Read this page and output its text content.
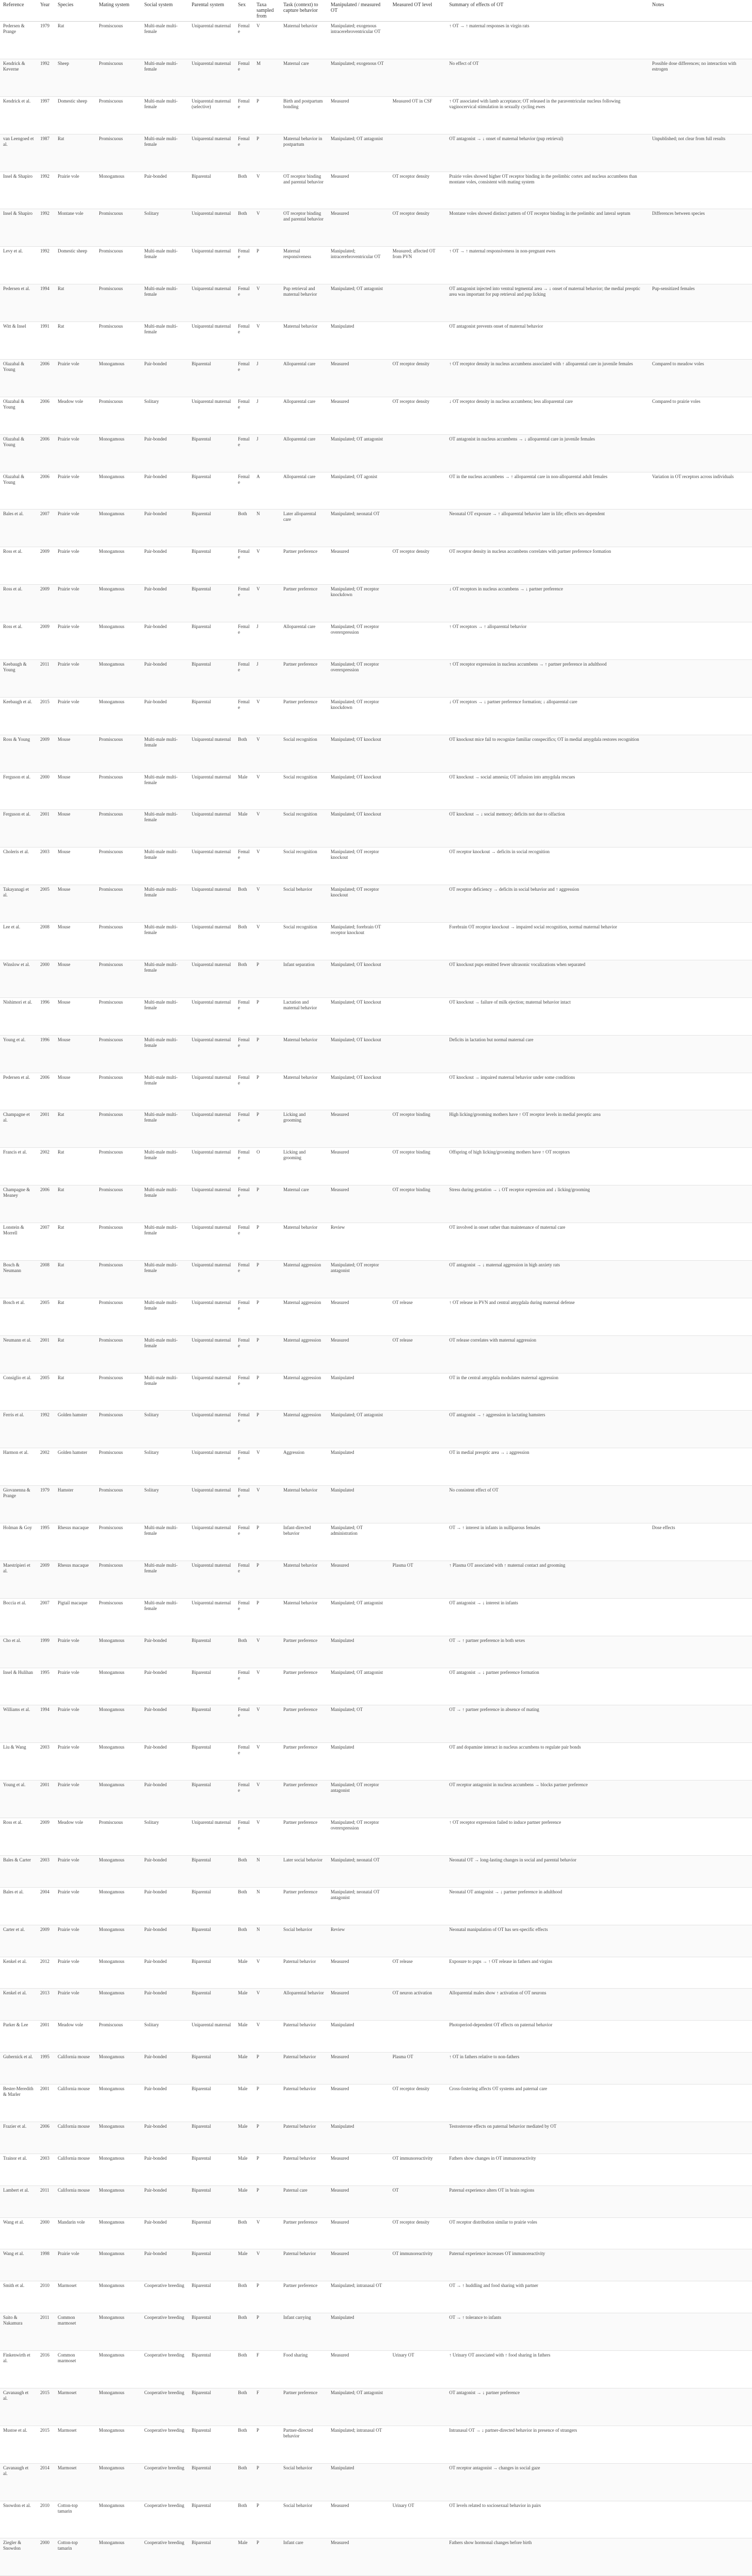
Reference	Year	Species	Mating system	Social system	Parental system	Sex	Taxa sampled from	Task (context) to capture behavior	Manipulated / measured OT	Measured OT level	Summary of effects of OT	Notes
Pedersen & Prange	1979	Rat	Promiscuous	Multi-male multi-female	Uniparental maternal	Female	V	Maternal behavior	Manipulated; exogenous intracerebroventricular OT		↑ OT → ↑ maternal responses in virgin rats	
Kendrick & Keverne	1992	Sheep	Promiscuous	Multi-male multi-female	Uniparental maternal	Female	M	Maternal care	Manipulated; exogenous OT		No effect of OT	Possible dose differences; no interaction with estrogen
Kendrick et al.	1997	Domestic sheep	Promiscuous	Multi-male multi-female	Uniparental maternal (selective)	Female	P	Birth and postpartum bonding	Measured	Measured OT in CSF	↑ OT associated with lamb acceptance; OT released in the paraventricular nucleus following vaginocervical stimulation in sexually cycling ewes	
van Leengoed et al.	1987	Rat	Promiscuous	Multi-male multi-female	Uniparental maternal	Female	P	Maternal behavior in postpartum	Manipulated; OT antagonist		OT antagonist → ↓ onset of maternal behavior (pup retrieval)	Unpublished; not clear from full results
Insel & Shapiro	1992	Prairie vole	Monogamous	Pair-bonded	Biparental	Both	V	OT receptor binding and parental behavior	Measured	OT receptor density	Prairie voles showed higher OT receptor binding in the prelimbic cortex and nucleus accumbens than montane voles, consistent with mating system	
Insel & Shapiro	1992	Montane vole	Promiscuous	Solitary	Uniparental maternal	Both	V	OT receptor binding and parental behavior	Measured	OT receptor density	Montane voles showed distinct pattern of OT receptor binding in the prelimbic and lateral septum	Differences between species
Levy et al.	1992	Domestic sheep	Promiscuous	Multi-male multi-female	Uniparental maternal	Female	P	Maternal responsiveness	Manipulated; intracerebroventricular OT	Measured; affected OT from PVN	↑ OT → ↑ maternal responsiveness in non-pregnant ewes	
Pedersen et al.	1994	Rat	Promiscuous	Multi-male multi-female	Uniparental maternal	Female	V	Pup retrieval and maternal behavior	Manipulated; OT antagonist		OT antagonist injected into ventral tegmental area → ↓ onset of maternal behavior; the medial preoptic area was important for pup retrieval and pup licking	Pup-sensitized females
Witt & Insel	1991	Rat	Promiscuous	Multi-male multi-female	Uniparental maternal	Female	V	Maternal behavior	Manipulated		OT antagonist prevents onset of maternal behavior	
Olazabal & Young	2006	Prairie vole	Monogamous	Pair-bonded	Biparental	Female	J	Alloparental care	Measured	OT receptor density	↑ OT receptor density in nucleus accumbens associated with ↑ alloparental care in juvenile females	Compared to meadow voles
Olazabal & Young	2006	Meadow vole	Promiscuous	Solitary	Uniparental maternal	Female	J	Alloparental care	Measured	OT receptor density	↓ OT receptor density in nucleus accumbens; less alloparental care	Compared to prairie voles
Olazabal & Young	2006	Prairie vole	Monogamous	Pair-bonded	Biparental	Female	J	Alloparental care	Manipulated; OT antagonist		OT antagonist in nucleus accumbens → ↓ alloparental care in juvenile females	
Olazabal & Young	2006	Prairie vole	Monogamous	Pair-bonded	Biparental	Female	A	Alloparental care	Manipulated; OT agonist		OT in the nucleus accumbens → ↑ alloparental care in non-alloparental adult females	Variation in OT receptors across individuals
Bales et al.	2007	Prairie vole	Monogamous	Pair-bonded	Biparental	Both	N	Later alloparental care	Manipulated; neonatal OT		Neonatal OT exposure → ↑ alloparental behavior later in life; effects sex-dependent	
Ross et al.	2009	Prairie vole	Monogamous	Pair-bonded	Biparental	Female	V	Partner preference	Measured	OT receptor density	OT receptor density in nucleus accumbens correlates with partner preference formation	
Ross et al.	2009	Prairie vole	Monogamous	Pair-bonded	Biparental	Female	V	Partner preference	Manipulated; OT receptor knockdown		↓ OT receptors in nucleus accumbens → ↓ partner preference	
Ross et al.	2009	Prairie vole	Monogamous	Pair-bonded	Biparental	Female	J	Alloparental care	Manipulated; OT receptor overexpression		↑ OT receptors → ↑ alloparental behavior	
Keebaugh & Young	2011	Prairie vole	Monogamous	Pair-bonded	Biparental	Female	J	Partner preference	Manipulated; OT receptor overexpression		↑ OT receptor expression in nucleus accumbens → ↑ partner preference in adulthood	
Keebaugh et al.	2015	Prairie vole	Monogamous	Pair-bonded	Biparental	Female	V	Partner preference	Manipulated; OT receptor knockdown		↓ OT receptors → ↓ partner preference formation; ↓ alloparental care	
Ross & Young	2009	Mouse	Promiscuous	Multi-male multi-female	Uniparental maternal	Both	V	Social recognition	Manipulated; OT knockout		OT knockout mice fail to recognize familiar conspecifics; OT in medial amygdala restores recognition	
Ferguson et al.	2000	Mouse	Promiscuous	Multi-male multi-female	Uniparental maternal	Male	V	Social recognition	Manipulated; OT knockout		OT knockout → social amnesia; OT infusion into amygdala rescues	
Ferguson et al.	2001	Mouse	Promiscuous	Multi-male multi-female	Uniparental maternal	Male	V	Social recognition	Manipulated; OT knockout		OT knockout → ↓ social memory; deficits not due to olfaction	
Choleris et al.	2003	Mouse	Promiscuous	Multi-male multi-female	Uniparental maternal	Female	V	Social recognition	Manipulated; OT receptor knockout		OT receptor knockout → deficits in social recognition	
Takayanagi et al.	2005	Mouse	Promiscuous	Multi-male multi-female	Uniparental maternal	Both	V	Social behavior	Manipulated; OT receptor knockout		OT receptor deficiency → deficits in social behavior and ↑ aggression	
Lee et al.	2008	Mouse	Promiscuous	Multi-male multi-female	Uniparental maternal	Both	V	Social recognition	Manipulated; forebrain OT receptor knockout		Forebrain OT receptor knockout → impaired social recognition, normal maternal behavior	
Winslow et al.	2000	Mouse	Promiscuous	Multi-male multi-female	Uniparental maternal	Both	P	Infant separation	Manipulated; OT knockout		OT knockout pups emitted fewer ultrasonic vocalizations when separated	
Nishimori et al.	1996	Mouse	Promiscuous	Multi-male multi-female	Uniparental maternal	Female	P	Lactation and maternal behavior	Manipulated; OT knockout		OT knockout → failure of milk ejection; maternal behavior intact	
Young et al.	1996	Mouse	Promiscuous	Multi-male multi-female	Uniparental maternal	Female	P	Maternal behavior	Manipulated; OT knockout		Deficits in lactation but normal maternal care	
Pedersen et al.	2006	Mouse	Promiscuous	Multi-male multi-female	Uniparental maternal	Female	P	Maternal behavior	Manipulated; OT knockout		OT knockout → impaired maternal behavior under some conditions	
Champagne et al.	2001	Rat	Promiscuous	Multi-male multi-female	Uniparental maternal	Female	P	Licking and grooming	Measured	OT receptor binding	High licking/grooming mothers have ↑ OT receptor levels in medial preoptic area	
Francis et al.	2002	Rat	Promiscuous	Multi-male multi-female	Uniparental maternal	Female	O	Licking and grooming	Measured	OT receptor binding	Offspring of high licking/grooming mothers have ↑ OT receptors	
Champagne & Meaney	2006	Rat	Promiscuous	Multi-male multi-female	Uniparental maternal	Female	P	Maternal care	Measured	OT receptor binding	Stress during gestation → ↓ OT receptor expression and ↓ licking/grooming	
Lonstein & Morrell	2007	Rat	Promiscuous	Multi-male multi-female	Uniparental maternal	Female	P	Maternal behavior	Review		OT involved in onset rather than maintenance of maternal care	
Bosch & Neumann	2008	Rat	Promiscuous	Multi-male multi-female	Uniparental maternal	Female	P	Maternal aggression	Manipulated; OT receptor antagonist		OT antagonist → ↓ maternal aggression in high anxiety rats	
Bosch et al.	2005	Rat	Promiscuous	Multi-male multi-female	Uniparental maternal	Female	P	Maternal aggression	Measured	OT release	↑ OT release in PVN and central amygdala during maternal defense	
Neumann et al.	2001	Rat	Promiscuous	Multi-male multi-female	Uniparental maternal	Female	P	Maternal aggression	Measured	OT release	OT release correlates with maternal aggression	
Consiglio et al.	2005	Rat	Promiscuous	Multi-male multi-female	Uniparental maternal	Female	P	Maternal aggression	Manipulated		OT in the central amygdala modulates maternal aggression	
Ferris et al.	1992	Golden hamster	Promiscuous	Solitary	Uniparental maternal	Female	P	Maternal aggression	Manipulated; OT antagonist		OT antagonist → ↑ aggression in lactating hamsters	
Harmon et al.	2002	Golden hamster	Promiscuous	Solitary	Uniparental maternal	Female	V	Aggression	Manipulated		OT in medial preoptic area → ↓ aggression	
Giovanenna & Prange	1979	Hamster	Promiscuous	Solitary	Uniparental maternal	Female	V	Maternal behavior	Manipulated		No consistent effect of OT	
Holman & Goy	1995	Rhesus macaque	Promiscuous	Multi-male multi-female	Uniparental maternal	Female	P	Infant-directed behavior	Manipulated; OT administration		OT → ↑ interest in infants in nulliparous females	Dose effects
Maestripieri et al.	2009	Rhesus macaque	Promiscuous	Multi-male multi-female	Uniparental maternal	Female	P	Maternal behavior	Measured	Plasma OT	↑ Plasma OT associated with ↑ maternal contact and grooming	
Boccia et al.	2007	Pigtail macaque	Promiscuous	Multi-male multi-female	Uniparental maternal	Female	P	Maternal behavior	Manipulated; OT antagonist		OT antagonist → ↓ interest in infants	
Cho et al.	1999	Prairie vole	Monogamous	Pair-bonded	Biparental	Both	V	Partner preference	Manipulated		OT → ↑ partner preference in both sexes	
Insel & Hulihan	1995	Prairie vole	Monogamous	Pair-bonded	Biparental	Female	V	Partner preference	Manipulated; OT antagonist		OT antagonist → ↓ partner preference formation	
Williams et al.	1994	Prairie vole	Monogamous	Pair-bonded	Biparental	Female	V	Partner preference	Manipulated; OT		OT → ↑ partner preference in absence of mating	
Liu & Wang	2003	Prairie vole	Monogamous	Pair-bonded	Biparental	Female	V	Partner preference	Manipulated		OT and dopamine interact in nucleus accumbens to regulate pair bonds	
Young et al.	2001	Prairie vole	Monogamous	Pair-bonded	Biparental	Female	V	Partner preference	Manipulated; OT receptor antagonist		OT receptor antagonist in nucleus accumbens → blocks partner preference	
Ross et al.	2009	Meadow vole	Promiscuous	Solitary	Uniparental maternal	Female	V	Partner preference	Manipulated; OT receptor overexpression		↑ OT receptor expression failed to induce partner preference	
Bales & Carter	2003	Prairie vole	Monogamous	Pair-bonded	Biparental	Both	N	Later social behavior	Manipulated; neonatal OT		Neonatal OT → long-lasting changes in social and parental behavior	
Bales et al.	2004	Prairie vole	Monogamous	Pair-bonded	Biparental	Both	N	Partner preference	Manipulated; neonatal OT antagonist		Neonatal OT antagonist → ↓ partner preference in adulthood	
Carter et al.	2009	Prairie vole	Monogamous	Pair-bonded	Biparental	Both	N	Social behavior	Review		Neonatal manipulation of OT has sex-specific effects	
Kenkel et al.	2012	Prairie vole	Monogamous	Pair-bonded	Biparental	Male	V	Paternal behavior	Measured	OT release	Exposure to pups → ↑ OT release in fathers and virgins	
Kenkel et al.	2013	Prairie vole	Monogamous	Pair-bonded	Biparental	Male	V	Alloparental behavior	Measured	OT neuron activation	Alloparental males show ↑ activation of OT neurons	
Parker & Lee	2001	Meadow vole	Promiscuous	Solitary	Uniparental maternal	Male	V	Paternal behavior	Manipulated		Photoperiod-dependent OT effects on paternal behavior	
Gubernick et al.	1995	California mouse	Monogamous	Pair-bonded	Biparental	Male	P	Paternal behavior	Measured	Plasma OT	↑ OT in fathers relative to non-fathers	
Bester-Meredith & Marler	2001	California mouse	Monogamous	Pair-bonded	Biparental	Male	P	Paternal behavior	Measured	OT receptor density	Cross-fostering affects OT systems and paternal care	
Frazier et al.	2006	California mouse	Monogamous	Pair-bonded	Biparental	Male	P	Paternal behavior	Manipulated		Testosterone effects on paternal behavior mediated by OT	
Trainor et al.	2003	California mouse	Monogamous	Pair-bonded	Biparental	Male	P	Paternal behavior	Measured	OT immunoreactivity	Fathers show changes in OT immunoreactivity	
Lambert et al.	2011	California mouse	Monogamous	Pair-bonded	Biparental	Male	P	Paternal care	Measured	OT	Paternal experience alters OT in brain regions	
Wang et al.	2000	Mandarin vole	Monogamous	Pair-bonded	Biparental	Both	V	Partner preference	Measured	OT receptor density	OT receptor distribution similar to prairie voles	
Wang et al.	1998	Prairie vole	Monogamous	Pair-bonded	Biparental	Male	V	Paternal behavior	Measured	OT immunoreactivity	Paternal experience increases OT immunoreactivity	
Smith et al.	2010	Marmoset	Monogamous	Cooperative breeding	Biparental	Both	P	Partner preference	Manipulated; intranasal OT		OT → ↑ huddling and food sharing with partner	
Saito & Nakamura	2011	Common marmoset	Monogamous	Cooperative breeding	Biparental	Both	P	Infant carrying	Manipulated		OT → ↑ tolerance to infants	
Finkenwirth et al.	2016	Common marmoset	Monogamous	Cooperative breeding	Biparental	Both	F	Food sharing	Measured	Urinary OT	↑ Urinary OT associated with ↑ food sharing in fathers	
Cavanaugh et al.	2015	Marmoset	Monogamous	Cooperative breeding	Biparental	Both	F	Partner preference	Manipulated; OT antagonist		OT antagonist → ↓ partner preference	
Mustoe et al.	2015	Marmoset	Monogamous	Cooperative breeding	Biparental	Both	P	Partner-directed behavior	Manipulated; intranasal OT		Intranasal OT → ↓ partner-directed behavior in presence of strangers	
Cavanaugh et al.	2014	Marmoset	Monogamous	Cooperative breeding	Biparental	Both	P	Social behavior	Manipulated		OT receptor antagonist → changes in social gaze	
Snowdon et al.	2010	Cotton-top tamarin	Monogamous	Cooperative breeding	Biparental	Both	P	Social behavior	Measured	Urinary OT	OT levels related to sociosexual behavior in pairs	
Ziegler & Snowdon	2000	Cotton-top tamarin	Monogamous	Cooperative breeding	Biparental	Male	P	Infant care	Measured		Fathers show hormonal changes before birth	
